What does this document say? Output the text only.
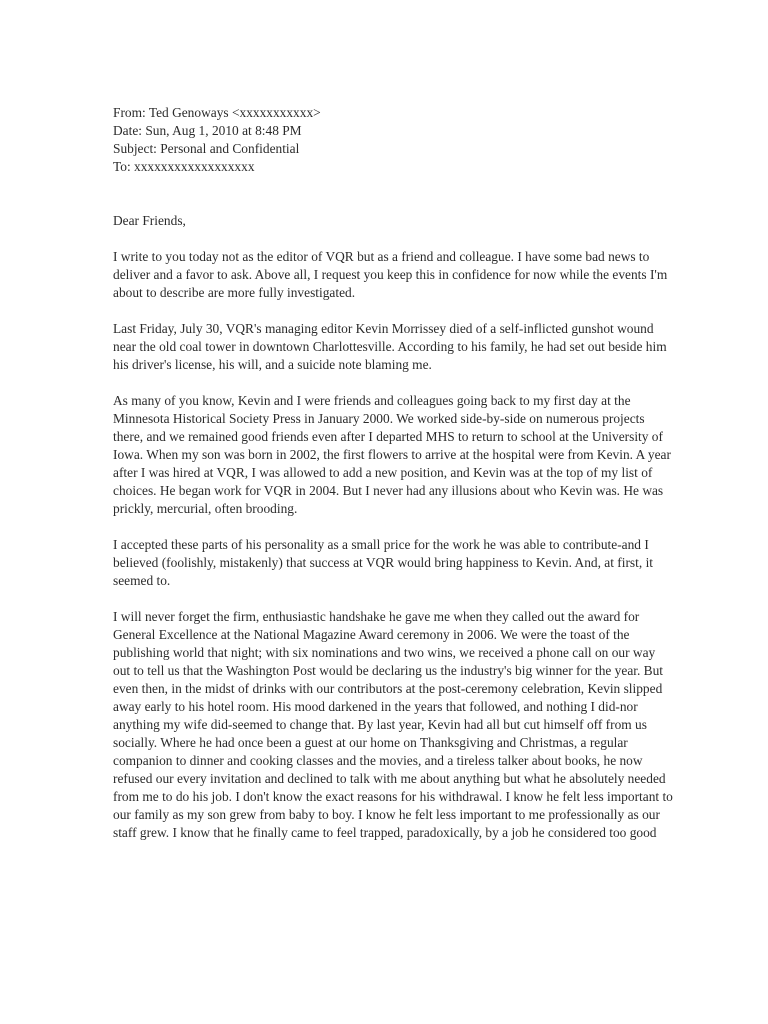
From: Ted Genoways <xxxxxxxxxxx>
Date: Sun, Aug 1, 2010 at 8:48 PM
Subject: Personal and Confidential
To: xxxxxxxxxxxxxxxxxx

Dear Friends,

I write to you today not as the editor of VQR but as a friend and colleague. I have some bad news to deliver and a favor to ask. Above all, I request you keep this in confidence for now while the events I'm about to describe are more fully investigated.

Last Friday, July 30, VQR's managing editor Kevin Morrissey died of a self-inflicted gunshot wound near the old coal tower in downtown Charlottesville. According to his family, he had set out beside him his driver's license, his will, and a suicide note blaming me.

As many of you know, Kevin and I were friends and colleagues going back to my first day at the Minnesota Historical Society Press in January 2000. We worked side-by-side on numerous projects there, and we remained good friends even after I departed MHS to return to school at the University of Iowa. When my son was born in 2002, the first flowers to arrive at the hospital were from Kevin. A year after I was hired at VQR, I was allowed to add a new position, and Kevin was at the top of my list of choices. He began work for VQR in 2004. But I never had any illusions about who Kevin was. He was prickly, mercurial, often brooding.

I accepted these parts of his personality as a small price for the work he was able to contribute-and I believed (foolishly, mistakenly) that success at VQR would bring happiness to Kevin. And, at first, it seemed to.

I will never forget the firm, enthusiastic handshake he gave me when they called out the award for General Excellence at the National Magazine Award ceremony in 2006. We were the toast of the publishing world that night; with six nominations and two wins, we received a phone call on our way out to tell us that the Washington Post would be declaring us the industry's big winner for the year. But even then, in the midst of drinks with our contributors at the post-ceremony celebration, Kevin slipped away early to his hotel room. His mood darkened in the years that followed, and nothing I did-nor anything my wife did-seemed to change that. By last year, Kevin had all but cut himself off from us socially. Where he had once been a guest at our home on Thanksgiving and Christmas, a regular companion to dinner and cooking classes and the movies, and a tireless talker about books, he now refused our every invitation and declined to talk with me about anything but what he absolutely needed from me to do his job. I don't know the exact reasons for his withdrawal. I know he felt less important to our family as my son grew from baby to boy. I know he felt less important to me professionally as our staff grew. I know that he finally came to feel trapped, paradoxically, by a job he considered too good
